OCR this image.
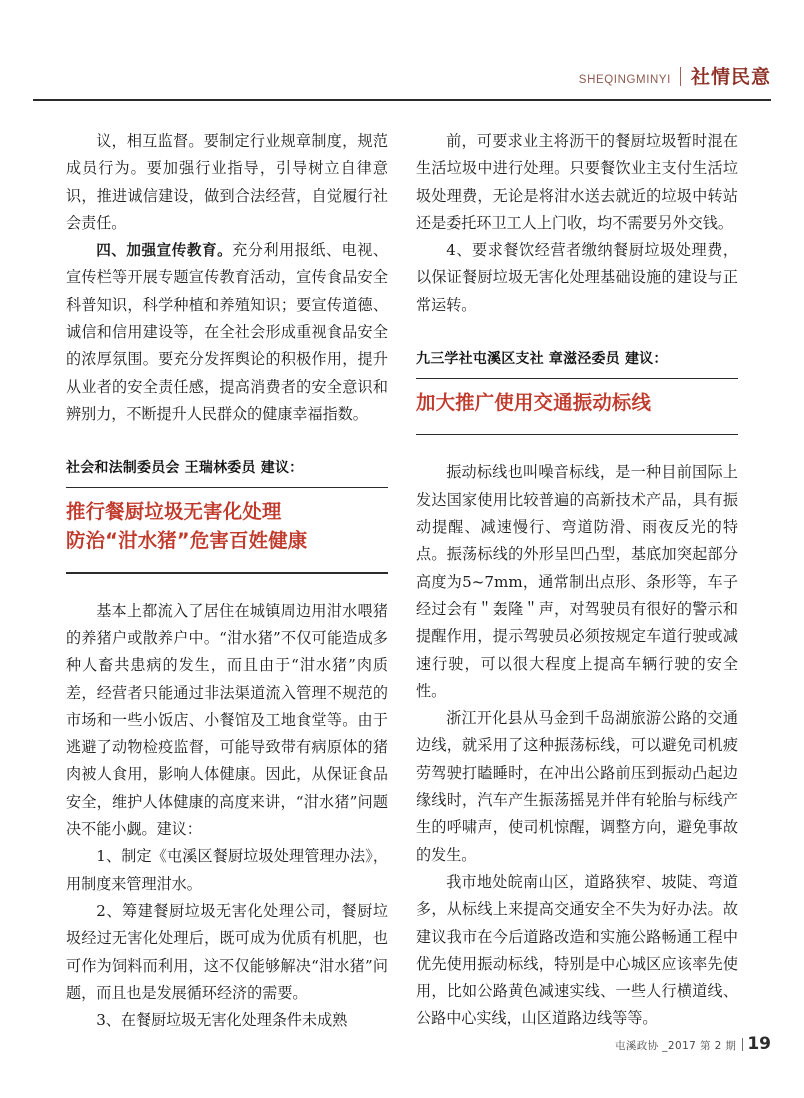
SHEQINGMINYI	社情民意

议，相互监督。要制定行业规章制度，规范成员行为。要加强行业指导，引导树立自律意识，推进诚信建设，做到合法经营，自觉履行社会责任。

四、加强宣传教育。充分利用报纸、电视、宣传栏等开展专题宣传教育活动，宣传食品安全科普知识，科学种植和养殖知识；要宣传道德、诚信和信用建设等，在全社会形成重视食品安全的浓厚氛围。要充分发挥舆论的积极作用，提升从业者的安全责任感，提高消费者的安全意识和辨别力，不断提升人民群众的健康幸福指数。

社会和法制委员会 王瑞林委员 建议：
推行餐厨垃圾无害化处理
防治“泔水猪”危害百姓健康

基本上都流入了居住在城镇周边用泔水喂猪的养猪户或散养户中。“泔水猪”不仅可能造成多种人畜共患病的发生，而且由于“泔水猪”肉质差，经营者只能通过非法渠道流入管理不规范的市场和一些小饭店、小餐馆及工地食堂等。由于逃避了动物检疫监督，可能导致带有病原体的猪肉被人食用，影响人体健康。因此，从保证食品安全，维护人体健康的高度来讲，“泔水猪”问题决不能小觑。建议：

1、制定《屯溪区餐厨垃圾处理管理办法》，用制度来管理泔水。

2、筹建餐厨垃圾无害化处理公司，餐厨垃圾经过无害化处理后，既可成为优质有机肥，也可作为饲料而利用，这不仅能够解决“泔水猪”问题，而且也是发展循环经济的需要。

3、在餐厨垃圾无害化处理条件未成熟

前，可要求业主将沥干的餐厨垃圾暂时混在生活垃圾中进行处理。只要餐饮业主支付生活垃圾处理费，无论是将泔水送去就近的垃圾中转站还是委托环卫工人上门收，均不需要另外交钱。

4、要求餐饮经营者缴纳餐厨垃圾处理费，以保证餐厨垃圾无害化处理基础设施的建设与正常运转。

九三学社屯溪区支社 章滋泾委员 建议：
加大推广使用交通振动标线

振动标线也叫噪音标线，是一种目前国际上发达国家使用比较普遍的高新技术产品，具有振动提醒、减速慢行、弯道防滑、雨夜反光的特点。振荡标线的外形呈凹凸型，基底加突起部分高度为5~7mm，通常制出点形、条形等，车子经过会有＂轰隆＂声，对驾驶员有很好的警示和提醒作用，提示驾驶员必须按规定车道行驶或减速行驶，可以很大程度上提高车辆行驶的安全性。

浙江开化县从马金到千岛湖旅游公路的交通边线，就采用了这种振荡标线，可以避免司机疲劳驾驶打瞌睡时，在冲出公路前压到振动凸起边缘线时，汽车产生振荡摇晃并伴有轮胎与标线产生的呼啸声，使司机惊醒，调整方向，避免事故的发生。

我市地处皖南山区，道路狭窄、坡陡、弯道多，从标线上来提高交通安全不失为好办法。故建议我市在今后道路改造和实施公路畅通工程中优先使用振动标线，特别是中心城区应该率先使用，比如公路黄色减速实线、一些人行横道线、公路中心实线，山区道路边线等等。

屯溪政协 _2017 第 2 期 19
